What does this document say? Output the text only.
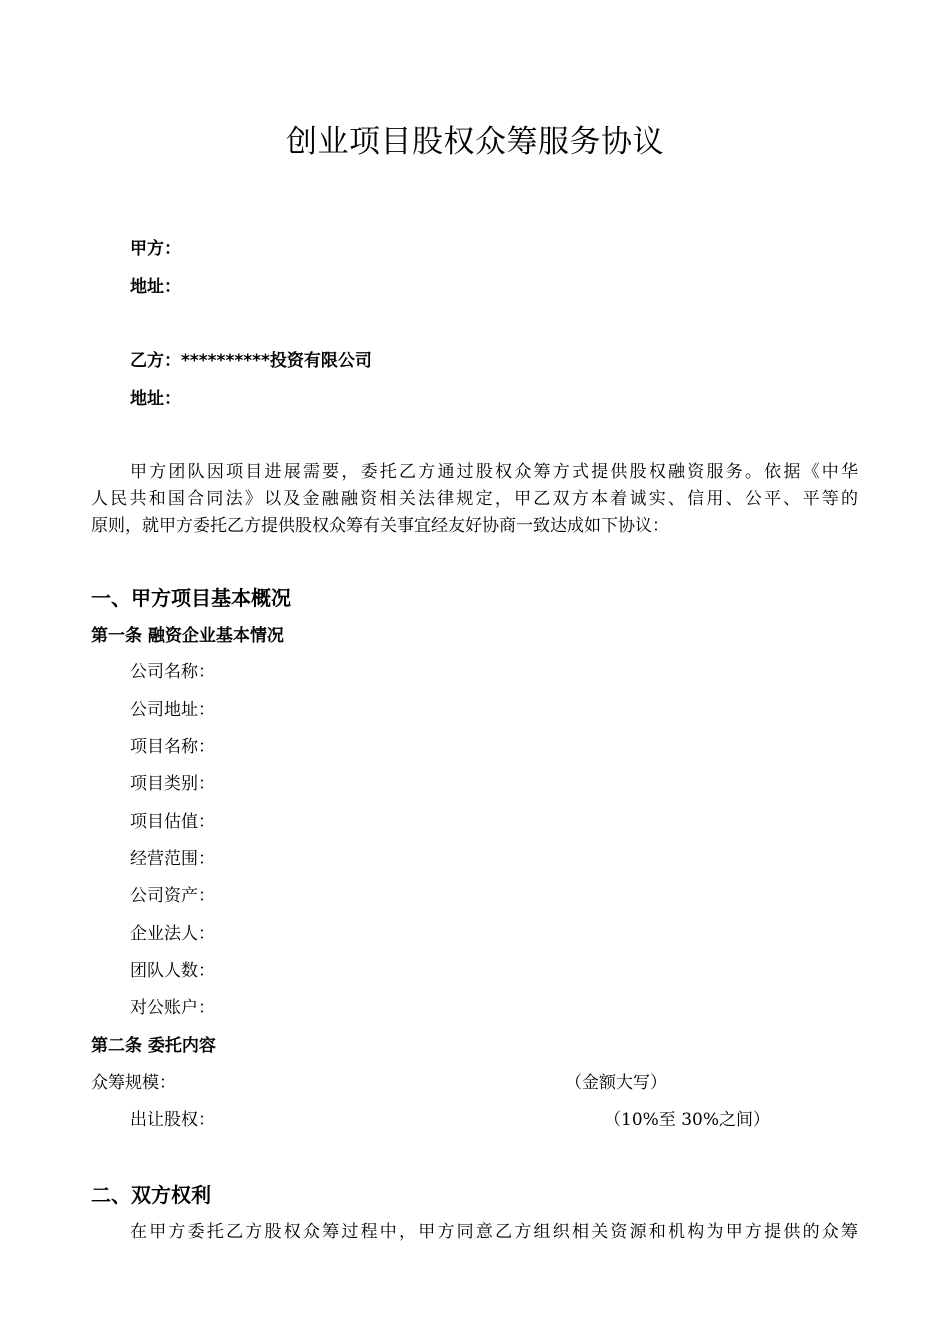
创业项目股权众筹服务协议
甲方：
地址：
乙方：**********投资有限公司
地址：
甲方团队因项目进展需要，委托乙方通过股权众筹方式提供股权融资服务。依据《中华
人民共和国合同法》以及金融融资相关法律规定，甲乙双方本着诚实、信用、公平、平等的
原则，就甲方委托乙方提供股权众筹有关事宜经友好协商一致达成如下协议：
一、甲方项目基本概况
第一条 融资企业基本情况
公司名称：
公司地址：
项目名称：
项目类别：
项目估值：
经营范围：
公司资产：
企业法人：
团队人数：
对公账户：
第二条 委托内容
众筹规模：	（金额大写）
出让股权：	（10%至 30%之间）
二、双方权利
在甲方委托乙方股权众筹过程中，甲方同意乙方组织相关资源和机构为甲方提供的众筹
